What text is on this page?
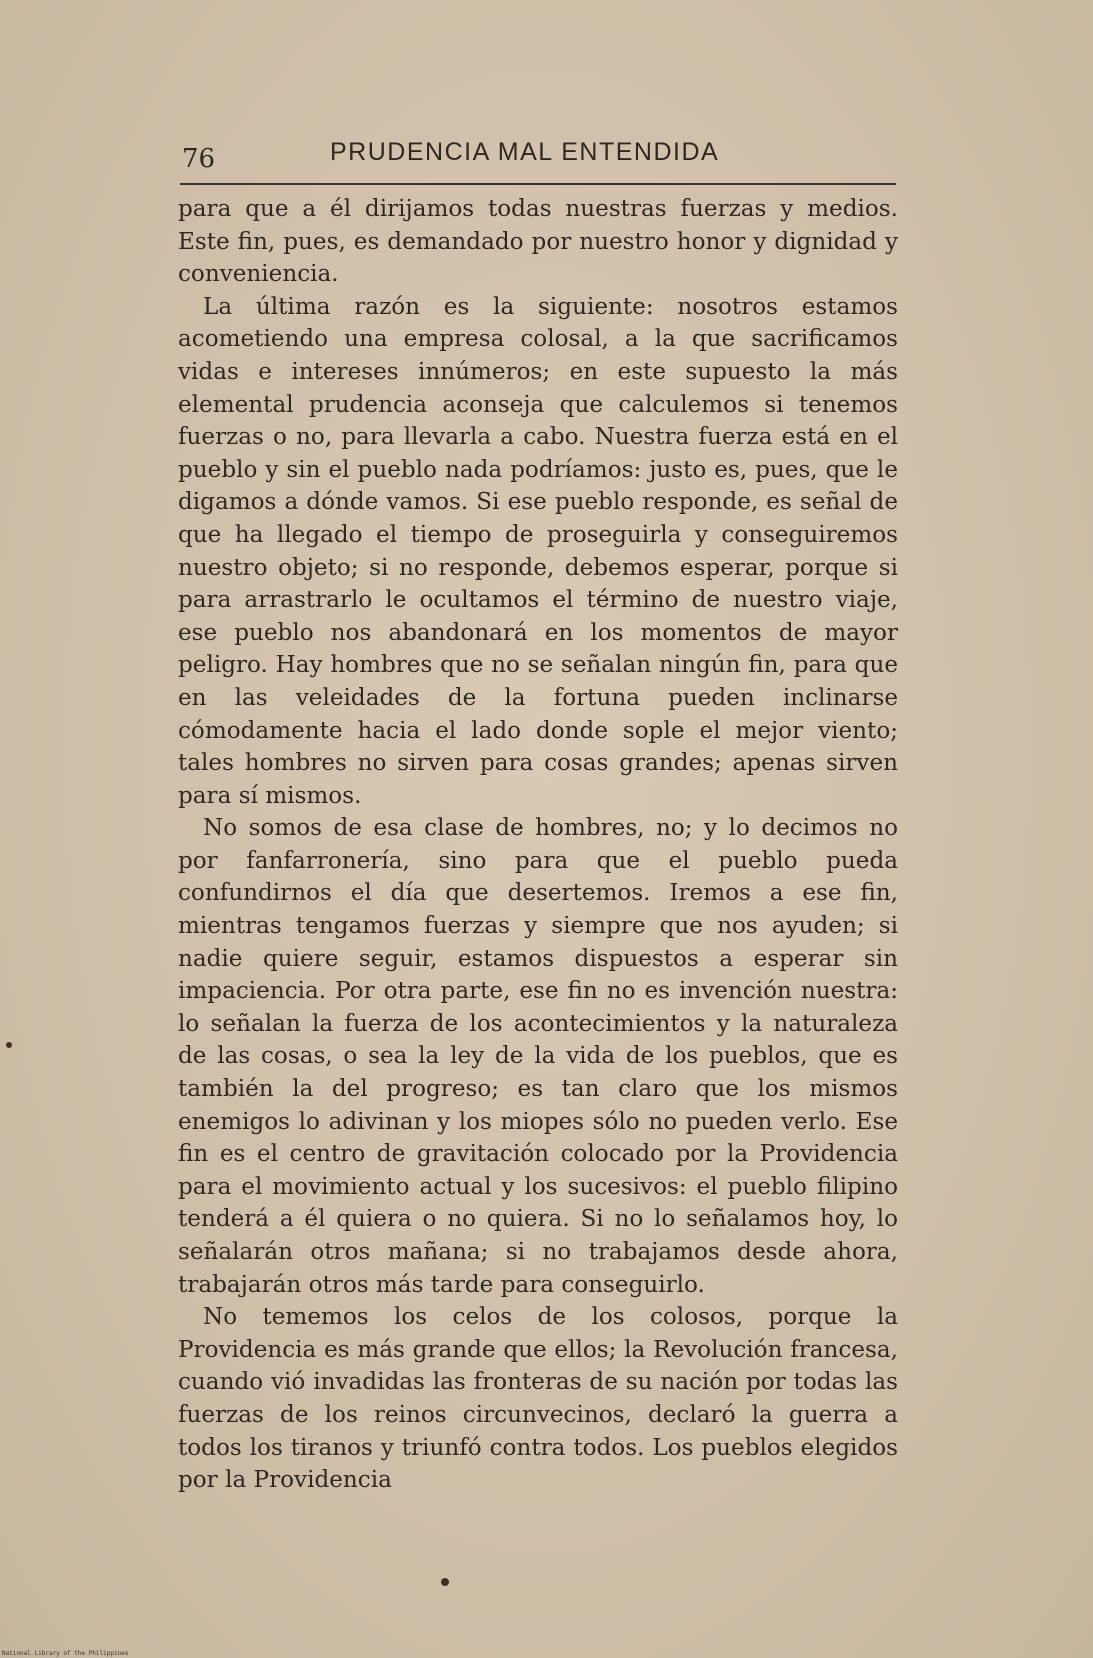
76	PRUDENCIA MAL ENTENDIDA

para que a él dirijamos todas nuestras fuerzas y medios. Este fin, pues, es demandado por nuestro honor y dignidad y conveniencia.

La última razón es la siguiente: nosotros estamos acometiendo una empresa colosal, a la que sacrificamos vidas e intereses innúmeros; en este supuesto la más elemental prudencia aconseja que calculemos si tenemos fuerzas o no, para llevarla a cabo. Nuestra fuerza está en el pueblo y sin el pueblo nada podríamos: justo es, pues, que le digamos a dónde vamos. Si ese pueblo responde, es señal de que ha llegado el tiempo de proseguirla y conseguiremos nuestro objeto; si no responde, debemos esperar, porque si para arrastrarlo le ocultamos el término de nuestro viaje, ese pueblo nos abandonará en los momentos de mayor peligro. Hay hombres que no se señalan ningún fin, para que en las veleidades de la fortuna pueden inclinarse cómodamente hacia el lado donde sople el mejor viento; tales hombres no sirven para cosas grandes; apenas sirven para sí mismos.

No somos de esa clase de hombres, no; y lo decimos no por fanfarronería, sino para que el pueblo pueda confundirnos el día que desertemos. Iremos a ese fin, mientras tengamos fuerzas y siempre que nos ayuden; si nadie quiere seguir, estamos dispuestos a esperar sin impaciencia. Por otra parte, ese fin no es invención nuestra: lo señalan la fuerza de los acontecimientos y la naturaleza de las cosas, o sea la ley de la vida de los pueblos, que es también la del progreso; es tan claro que los mismos enemigos lo adivinan y los miopes sólo no pueden verlo. Ese fin es el centro de gravitación colocado por la Providencia para el movimiento actual y los sucesivos: el pueblo filipino tenderá a él quiera o no quiera. Si no lo señalamos hoy, lo señalarán otros mañana; si no trabajamos desde ahora, trabajarán otros más tarde para conseguirlo.

No tememos los celos de los colosos, porque la Providencia es más grande que ellos; la Revolución francesa, cuando vió invadidas las fronteras de su nación por todas las fuerzas de los reinos circunvecinos, declaró la guerra a todos los tiranos y triunfó contra todos. Los pueblos elegidos por la Providencia

National Library of the Philippines
